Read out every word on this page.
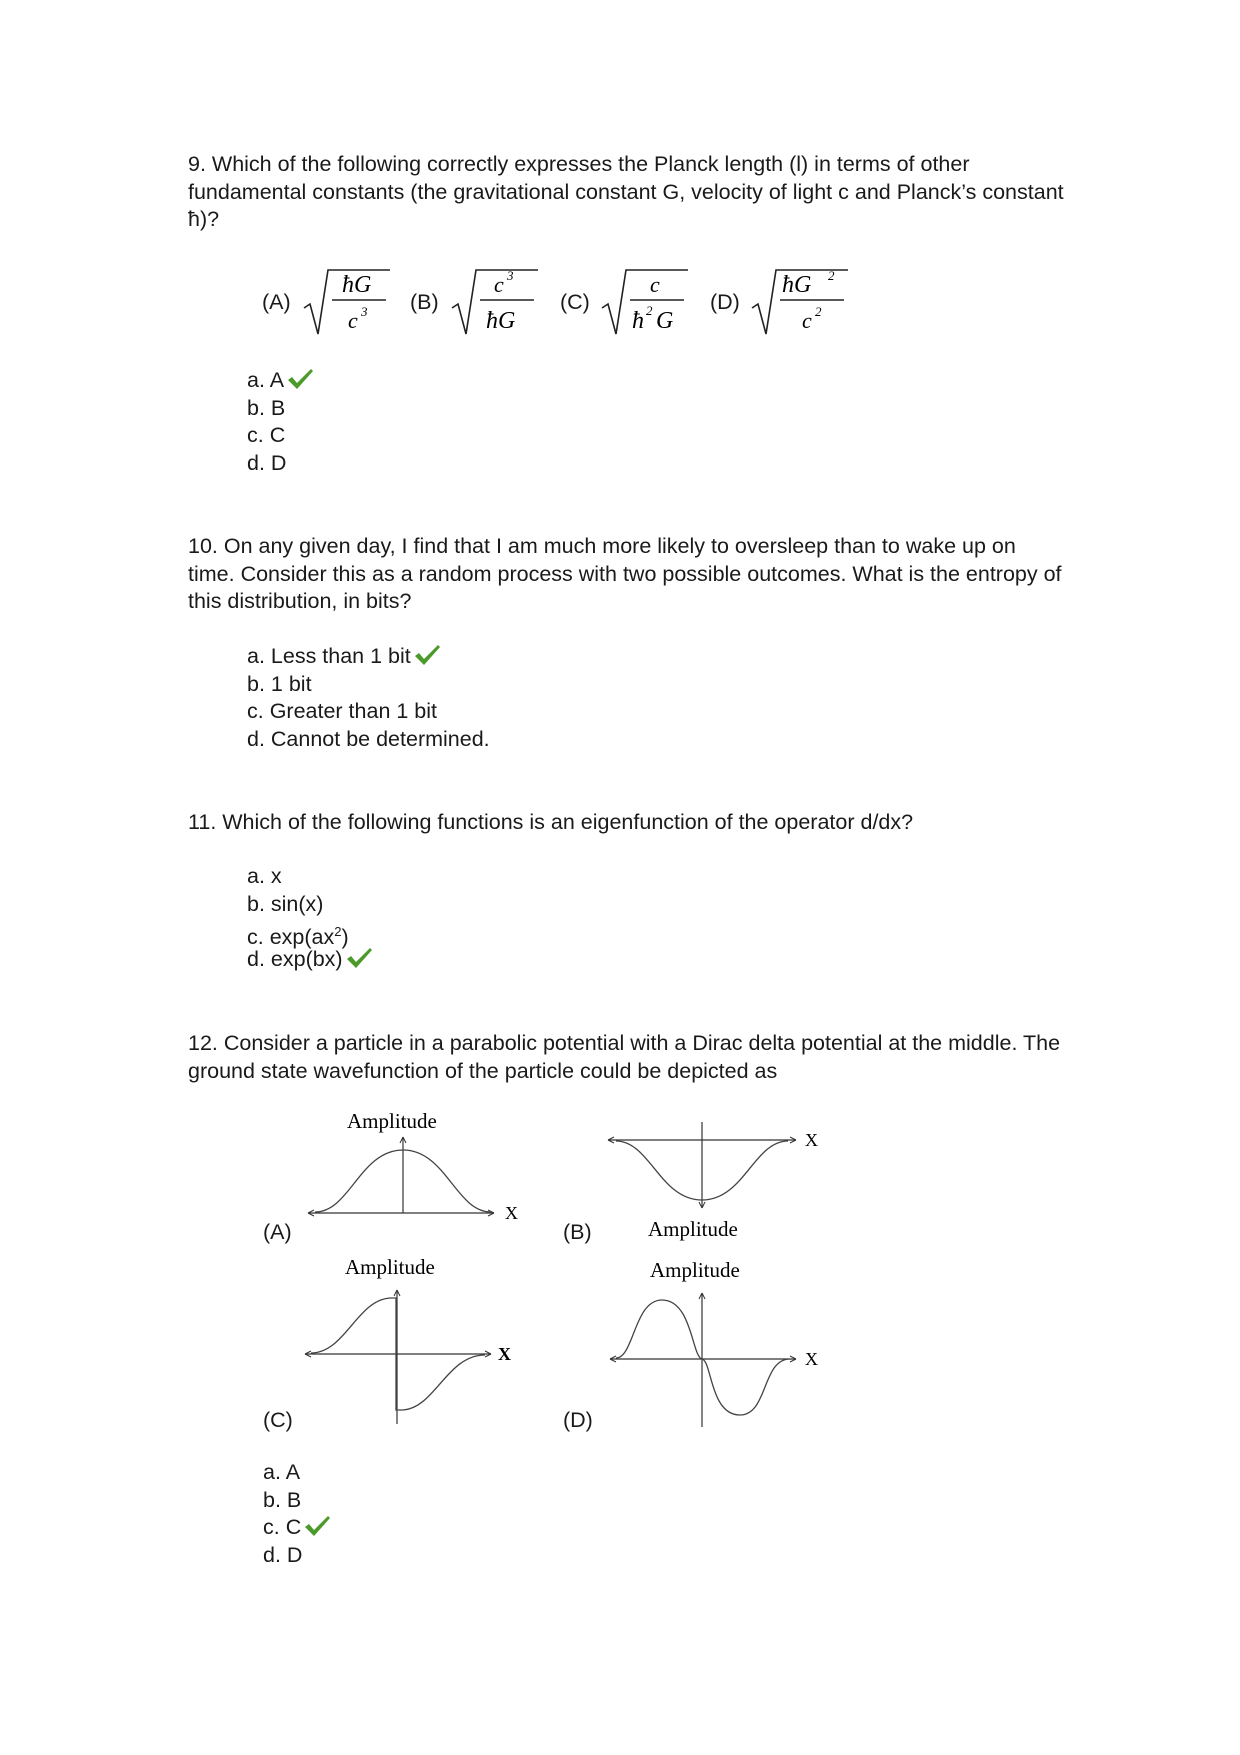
9. Which of the following correctly expresses the Planck length (l) in terms of other fundamental constants (the gravitational constant G, velocity of light c and Planck’s constant ħ)?
(A)
ħG
c 3 (B)
c 3
ħG
(C)
c
ħ 2 G
(D)
ħG 2
c 2
a. A
b. B
c. C
d. D
10. On any given day, I find that I am much more likely to oversleep than to wake up on time. Consider this as a random process with two possible outcomes. What is the entropy of this distribution, in bits?
a. Less than 1 bit
b. 1 bit
c. Greater than 1 bit
d. Cannot be determined.
11. Which of the following functions is an eigenfunction of the operator d/dx?
a. x
b. sin(x)
c. $\exp(ax^2)$
d. exp(bx)
12. Consider a particle in a parabolic potential with a Dirac delta potential at the middle. The ground state wavefunction of the particle could be depicted as
Amplitude
X
(A)
X
Amplitude
(B)
Amplitude
X
(C)
Amplitude
X
(D)
a. A
b. B
c. C
d. D
